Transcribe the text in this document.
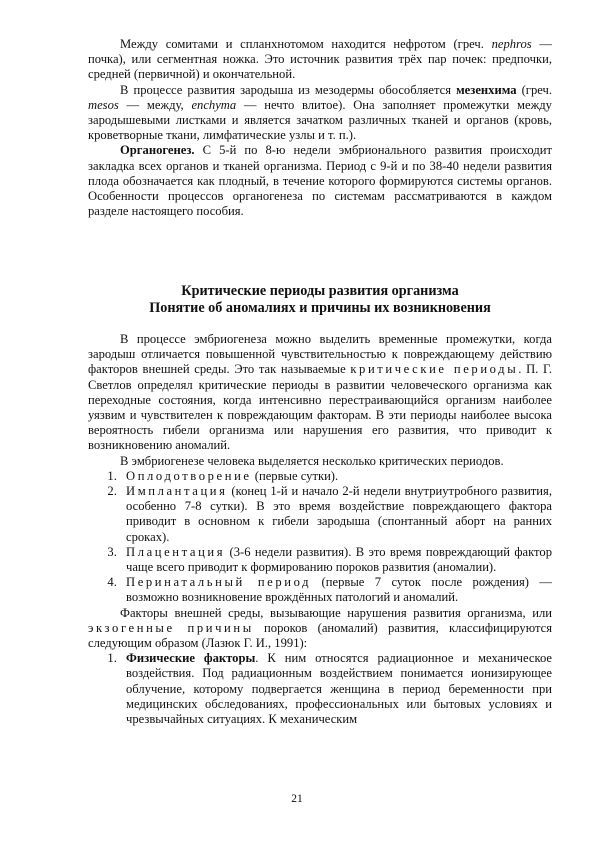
Между сомитами и спланхнотомом находится нефротом (греч. nephros — почка), или сегментная ножка. Это источник развития трёх пар почек: предпочки, средней (первичной) и окончательной.

В процессе развития зародыша из мезодермы обособляется мезенхима (греч. mesos — между, enchyma — нечто влитое). Она заполняет промежутки между зародышевыми листками и является зачатком различных тканей и органов (кровь, кроветворные ткани, лимфатические узлы и т. п.).

Органогенез. С 5-й по 8-ю недели эмбрионального развития происходит закладка всех органов и тканей организма. Период с 9-й и по 38-40 недели развития плода обозначается как плодный, в течение которого формируются системы органов. Особенности процессов органогенеза по системам рассматриваются в каждом разделе настоящего пособия.

Критические периоды развития организма
Понятие об аномалиях и причины их возникновения

В процессе эмбриогенеза можно выделить временные промежутки, когда зародыш отличается повышенной чувствительностью к повреждающему действию факторов внешней среды. Это так называемые критические периоды. П. Г. Светлов определял критические периоды в развитии человеческого организма как переходные состояния, когда интенсивно перестраивающийся организм наиболее уязвим и чувствителен к повреждающим факторам. В эти периоды наиболее высока вероятность гибели организма или нарушения его развития, что приводит к возникновению аномалий.

В эмбриогенезе человека выделяется несколько критических периодов.

1. Оплодотворение (первые сутки).
2. Имплантация (конец 1-й и начало 2-й недели внутриутробного развития, особенно 7-8 сутки). В это время воздействие повреждающего фактора приводит в основном к гибели зародыша (спонтанный аборт на ранних сроках).
3. Плацентация (3-6 недели развития). В это время повреждающий фактор чаще всего приводит к формированию пороков развития (аномалии).
4. Перинатальный период (первые 7 суток после рождения) — возможно возникновение врождённых патологий и аномалий.

Факторы внешней среды, вызывающие нарушения развития организма, или экзогенные причины пороков (аномалий) развития, классифицируются следующим образом (Лазюк Г. И., 1991):

1. Физические факторы. К ним относятся радиационное и механическое воздействия. Под радиационным воздействием понимается ионизирующее облучение, которому подвергается женщина в период беременности при медицинских обследованиях, профессиональных или бытовых условиях и чрезвычайных ситуациях. К механическим
21
